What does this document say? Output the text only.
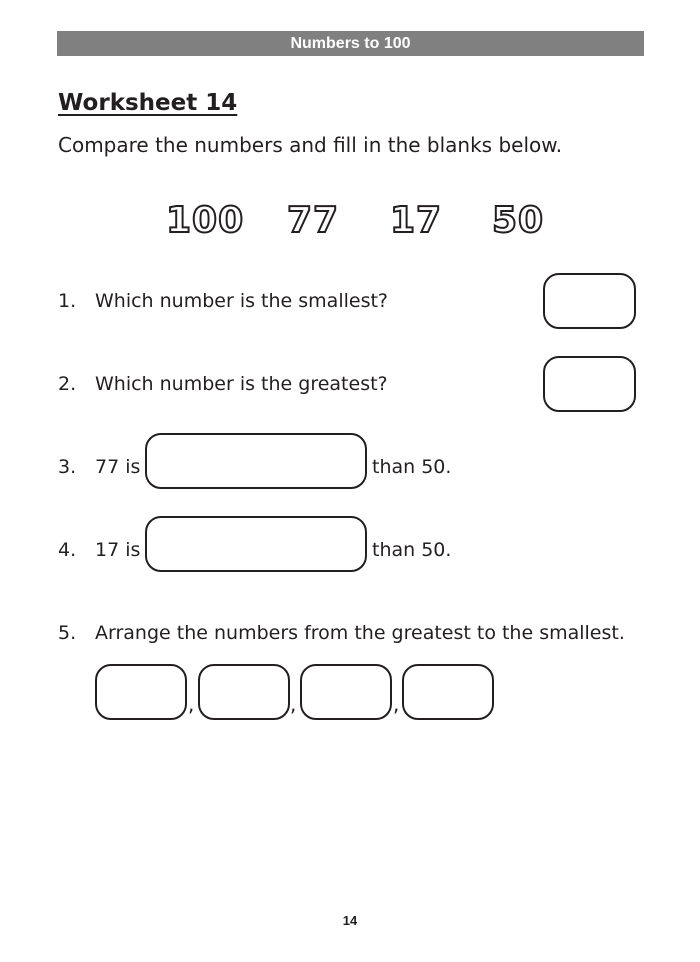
Numbers to 100
Worksheet 14
Compare the numbers and fill in the blanks below.
100 77 17 50
1. Which number is the smallest?
2. Which number is the greatest?
3. 77 is	than 50.
4. 17 is	than 50.
5. Arrange the numbers from the greatest to the smallest.
,	,	,
14
